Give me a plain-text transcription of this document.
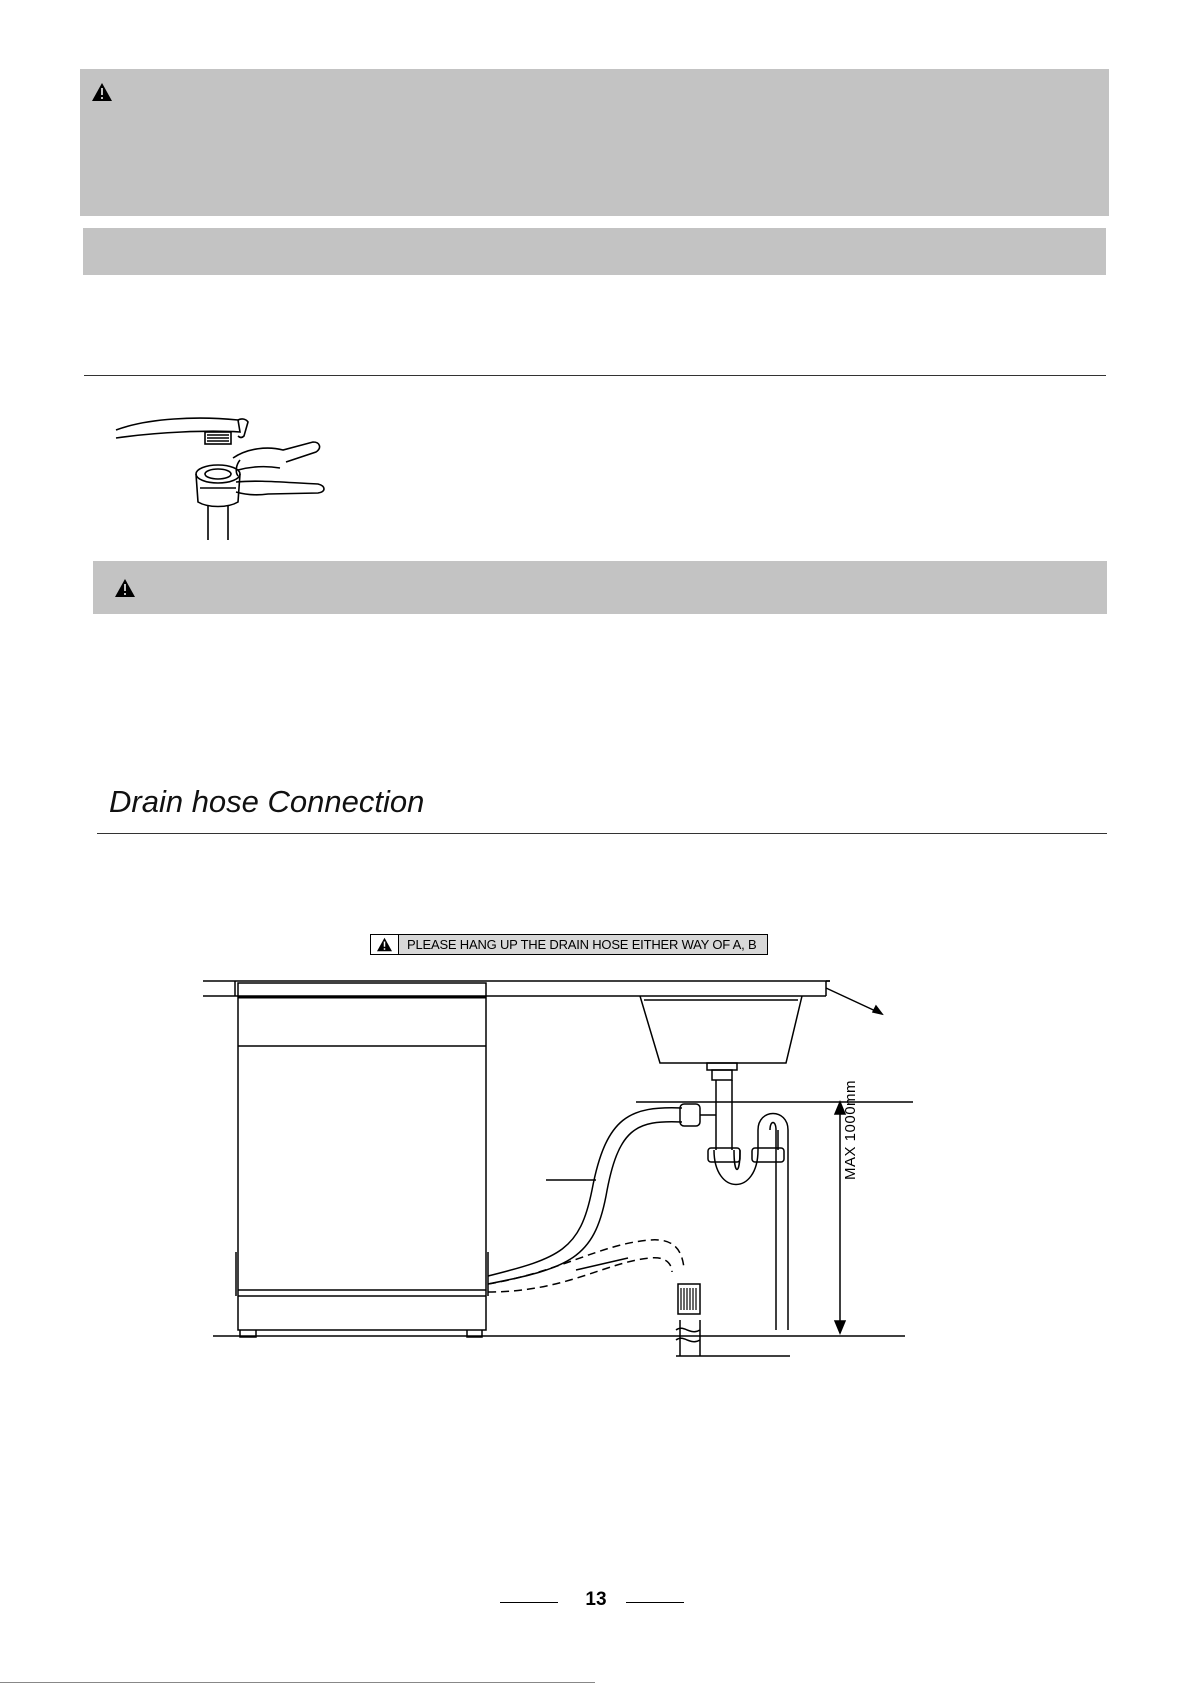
Drain hose Connection
PLEASE HANG UP THE DRAIN HOSE EITHER WAY OF A, B
MAX 1000mm
13
